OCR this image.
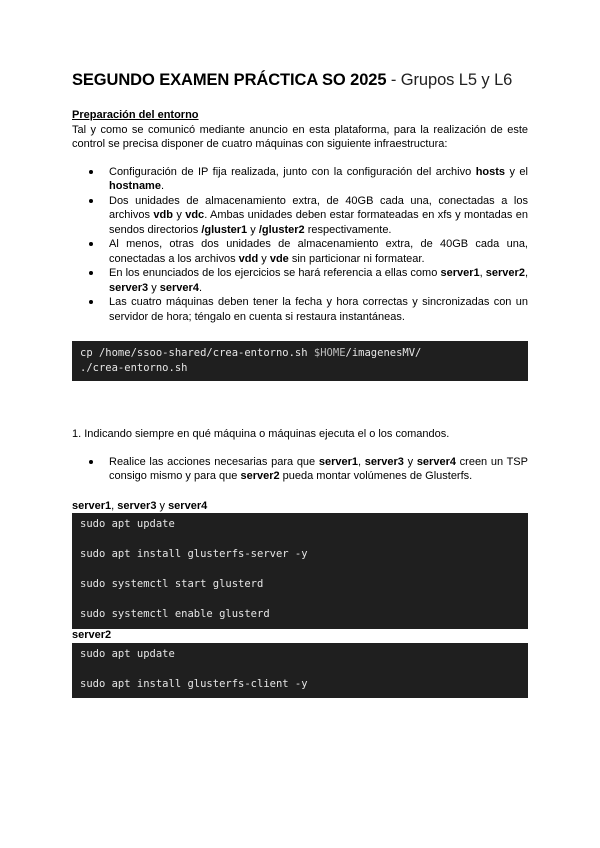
SEGUNDO EXAMEN PRÁCTICA SO 2025 - Grupos L5 y L6
Preparación del entorno
Tal y como se comunicó mediante anuncio en esta plataforma, para la realización de este control se precisa disponer de cuatro máquinas con siguiente infraestructura:
Configuración de IP fija realizada, junto con la configuración del archivo hosts y el hostname.
Dos unidades de almacenamiento extra, de 40GB cada una, conectadas a los archivos vdb y vdc. Ambas unidades deben estar formateadas en xfs y montadas en sendos directorios /gluster1 y /gluster2 respectivamente.
Al menos, otras dos unidades de almacenamiento extra, de 40GB cada una, conectadas a los archivos vdd y vde sin particionar ni formatear.
En los enunciados de los ejercicios se hará referencia a ellas como server1, server2, server3 y server4.
Las cuatro máquinas deben tener la fecha y hora correctas y sincronizadas con un servidor de hora; téngalo en cuenta si restaura instantáneas.
cp /home/ssoo-shared/crea-entorno.sh $HOME/imagenesMV/
./crea-entorno.sh
1. Indicando siempre en qué máquina o máquinas ejecuta el o los comandos.
Realice las acciones necesarias para que server1, server3 y server4 creen un TSP consigo mismo y para que server2 pueda montar volúmenes de Glusterfs.
server1, server3 y server4
sudo apt update
sudo apt install glusterfs-server -y
sudo systemctl start glusterd
sudo systemctl enable glusterd
server2
sudo apt update
sudo apt install glusterfs-client -y
